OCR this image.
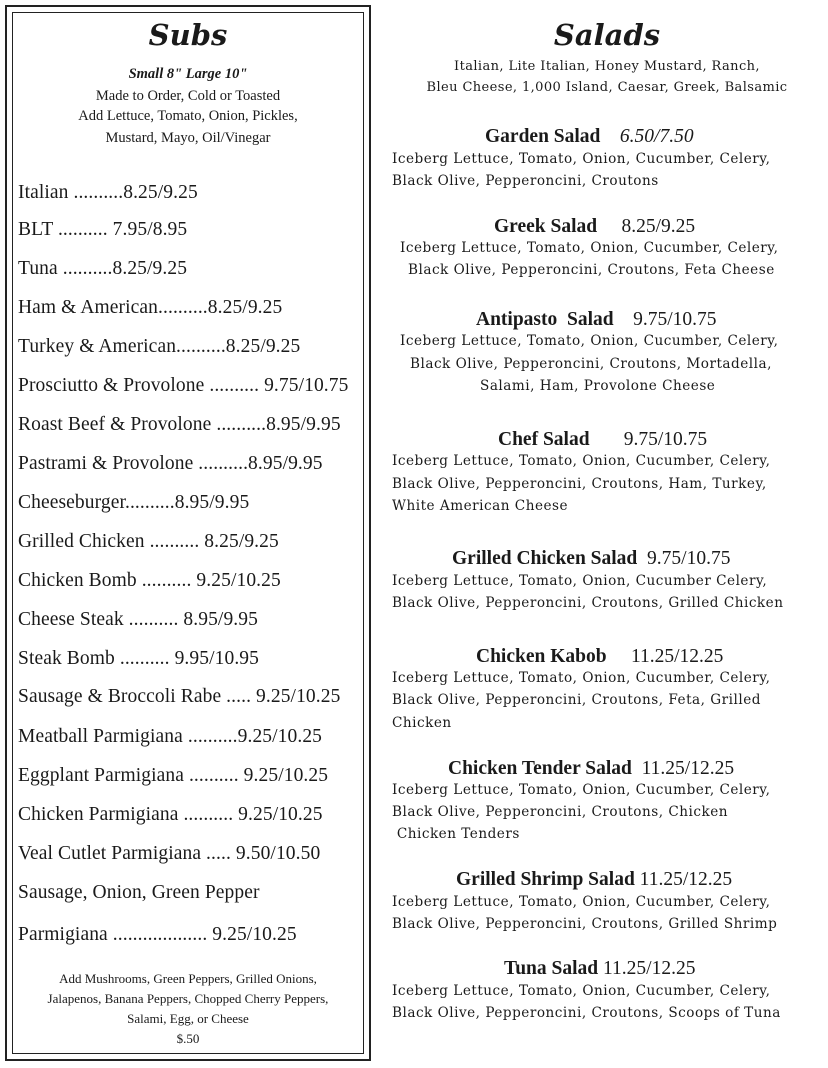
Subs
Small 8" Large 10"
Made to Order, Cold or Toasted
Add Lettuce, Tomato, Onion, Pickles,
Mustard, Mayo, Oil/Vinegar
Italian ..........8.25/9.25
BLT .......... 7.95/8.95
Tuna ..........8.25/9.25
Ham & American..........8.25/9.25
Turkey & American..........8.25/9.25
Prosciutto & Provolone .......... 9.75/10.75
Roast Beef & Provolone ..........8.95/9.95
Pastrami & Provolone ..........8.95/9.95
Cheeseburger..........8.95/9.95
Grilled Chicken .......... 8.25/9.25
Chicken Bomb .......... 9.25/10.25
Cheese Steak .......... 8.95/9.95
Steak Bomb .......... 9.95/10.95
Sausage & Broccoli Rabe ..... 9.25/10.25
Meatball Parmigiana ..........9.25/10.25
Eggplant Parmigiana .......... 9.25/10.25
Chicken Parmigiana .......... 9.25/10.25
Veal Cutlet Parmigiana ..... 9.50/10.50
Sausage, Onion, Green Pepper
Parmigiana ................... 9.25/10.25
Add Mushrooms, Green Peppers, Grilled Onions,
Jalapenos, Banana Peppers, Chopped Cherry Peppers,
Salami, Egg, or Cheese
$.50
Salads
Italian, Lite Italian, Honey Mustard, Ranch,
Bleu Cheese, 1,000 Island, Caesar, Greek, Balsamic
Garden Salad 6.50/7.50
Iceberg Lettuce, Tomato, Onion, Cucumber, Celery,
Black Olive, Pepperoncini, Croutons
Greek Salad 8.25/9.25
Iceberg Lettuce, Tomato, Onion, Cucumber, Celery,
Black Olive, Pepperoncini, Croutons, Feta Cheese
Antipasto  Salad 9.75/10.75
Iceberg Lettuce, Tomato, Onion, Cucumber, Celery,
Black Olive, Pepperoncini, Croutons, Mortadella,
Salami, Ham, Provolone Cheese
Chef Salad 9.75/10.75
Iceberg Lettuce, Tomato, Onion, Cucumber, Celery,
Black Olive, Pepperoncini, Croutons, Ham, Turkey,
White American Cheese
Grilled Chicken Salad 9.75/10.75
Iceberg Lettuce, Tomato, Onion, Cucumber Celery,
Black Olive, Pepperoncini, Croutons, Grilled Chicken
Chicken Kabob 11.25/12.25
Iceberg Lettuce, Tomato, Onion, Cucumber, Celery,
Black Olive, Pepperoncini, Croutons, Feta, Grilled
Chicken
Chicken Tender Salad 11.25/12.25
Iceberg Lettuce, Tomato, Onion, Cucumber, Celery,
Black Olive, Pepperoncini, Croutons, Chicken
Chicken Tenders
Grilled Shrimp Salad 11.25/12.25
Iceberg Lettuce, Tomato, Onion, Cucumber, Celery,
Black Olive, Pepperoncini, Croutons, Grilled Shrimp
Tuna Salad 11.25/12.25
Iceberg Lettuce, Tomato, Onion, Cucumber, Celery,
Black Olive, Pepperoncini, Croutons, Scoops of Tuna
